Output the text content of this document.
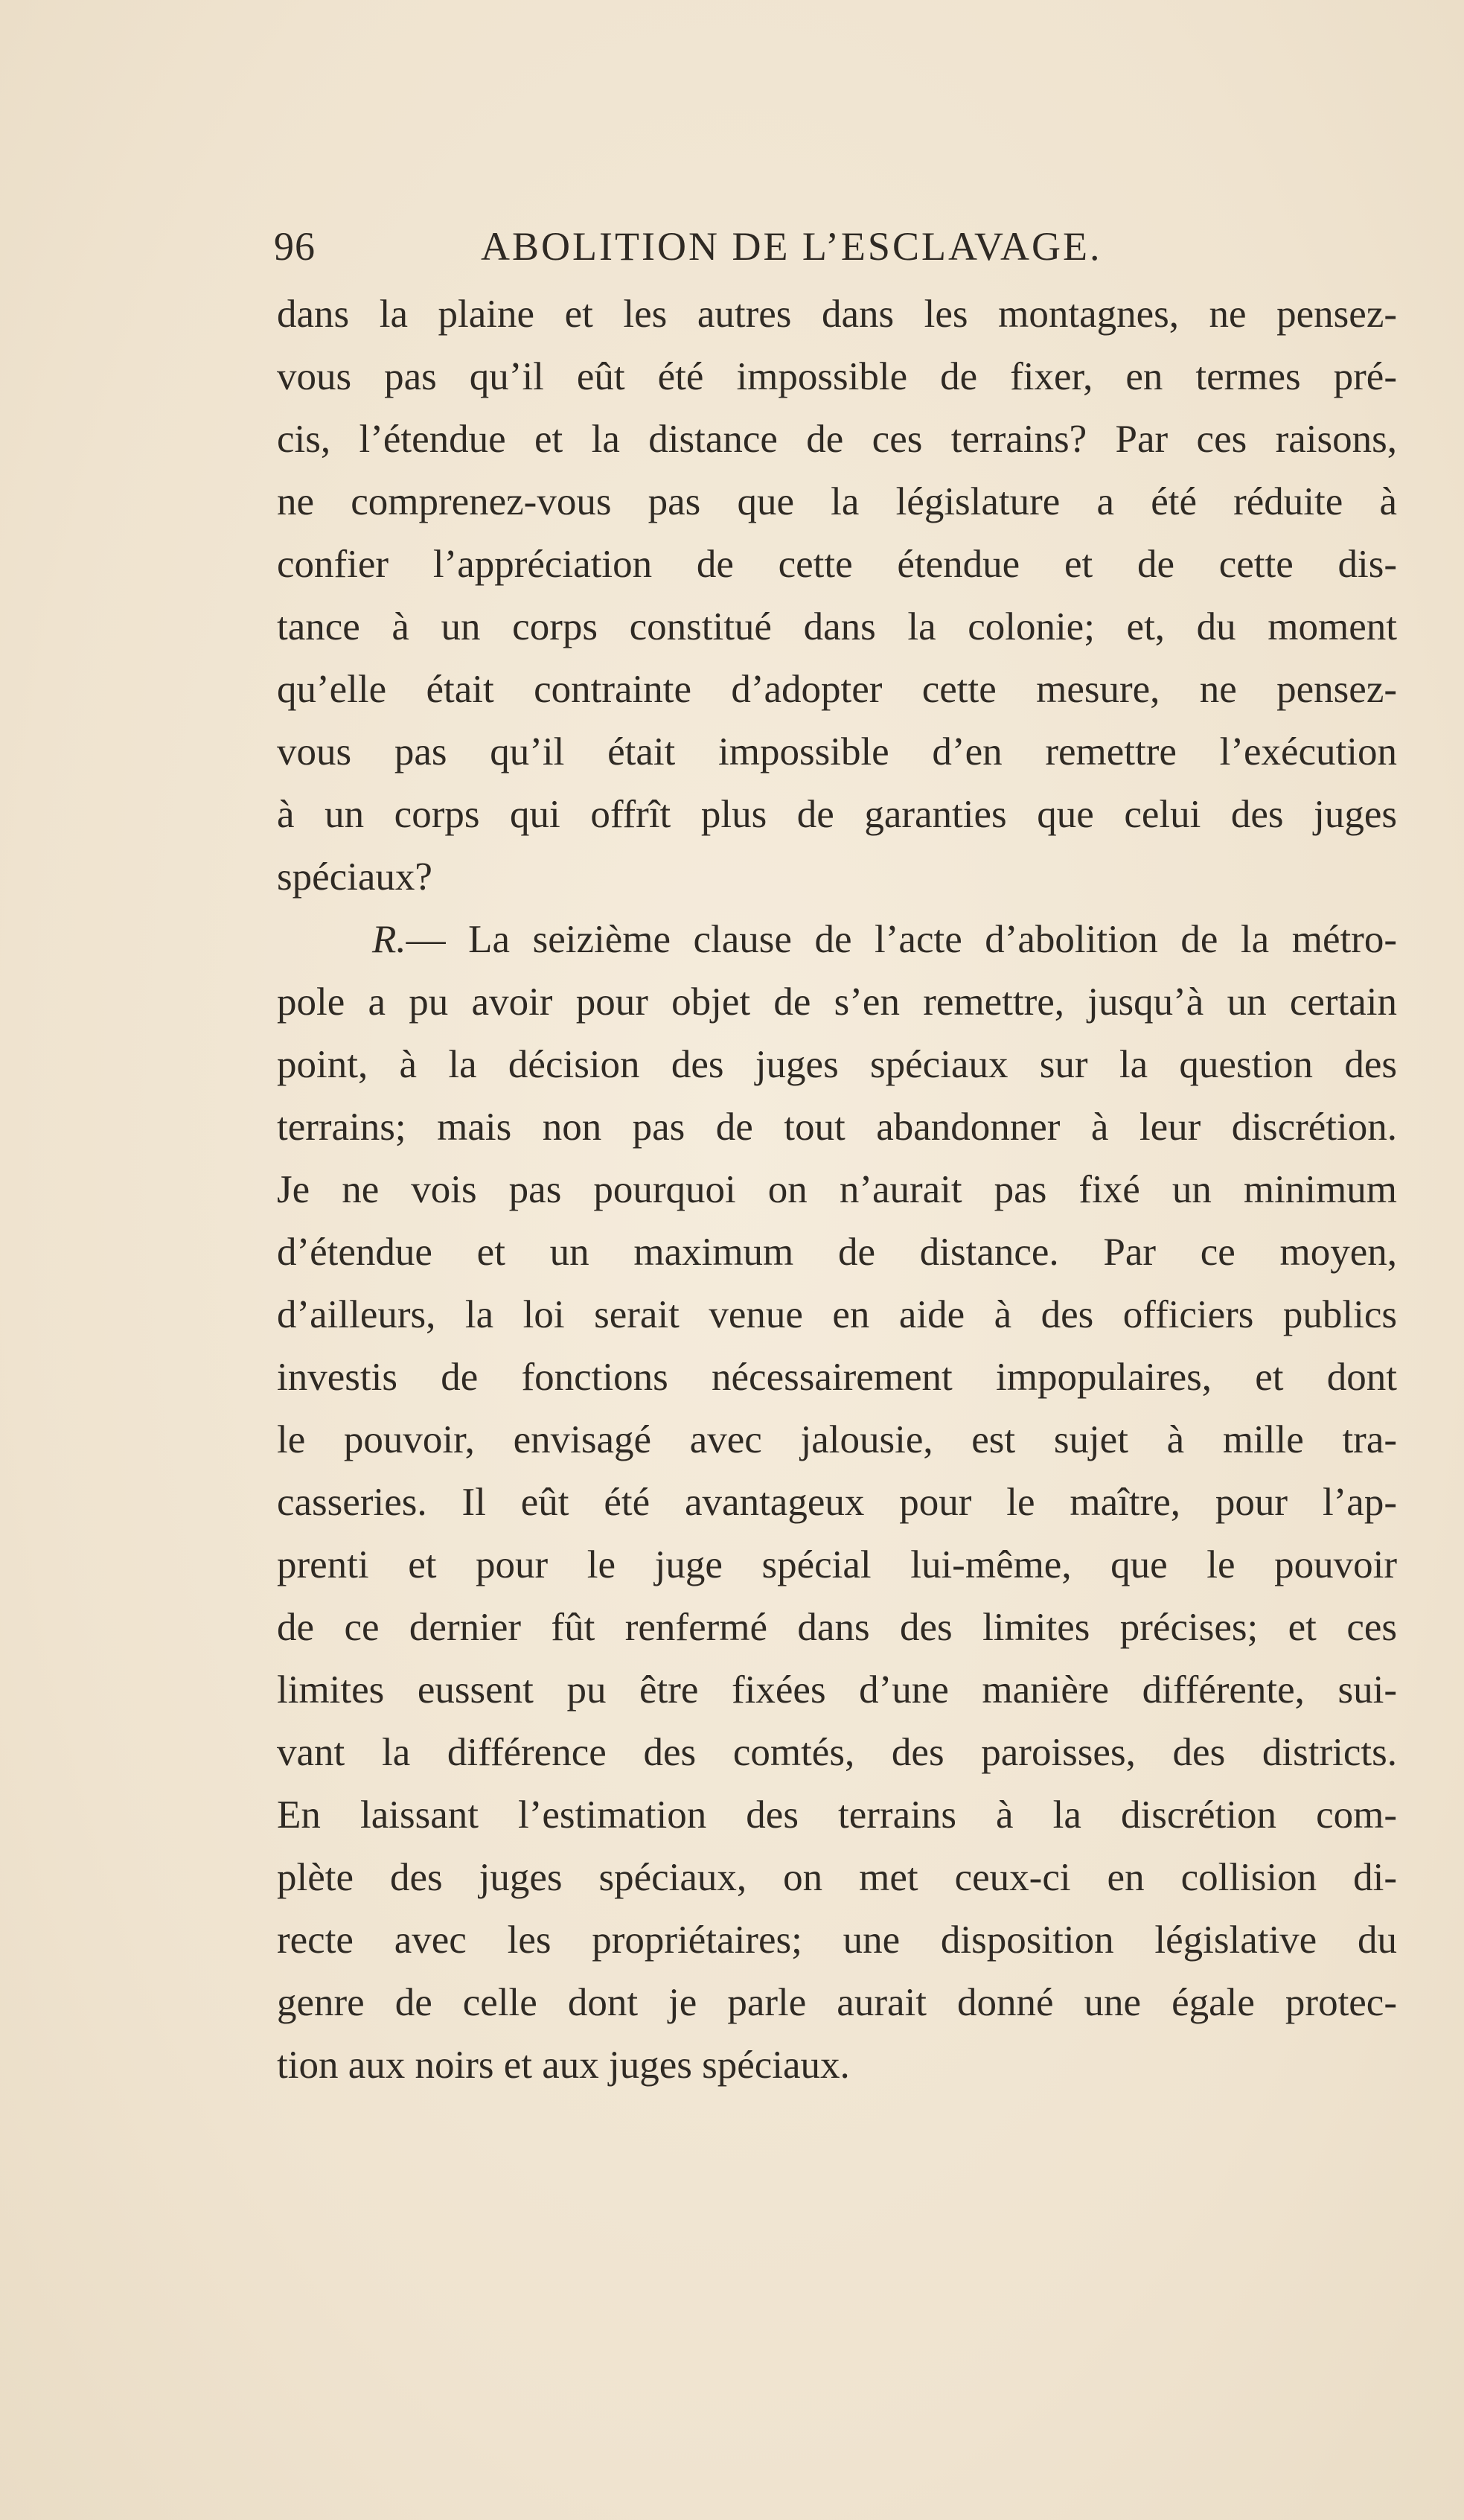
96	ABOLITION DE L’ESCLAVAGE.
dans la plaine et les autres dans les montagnes, ne pensez-
vous pas qu’il eût été impossible de fixer, en termes pré-
cis, l’étendue et la distance de ces terrains? Par ces raisons,
ne comprenez-vous pas que la législature a été réduite à
confier l’appréciation de cette étendue et de cette dis-
tance à un corps constitué dans la colonie; et, du moment
qu’elle était contrainte d’adopter cette mesure, ne pensez-
vous pas qu’il était impossible d’en remettre l’exécution
à un corps qui offrît plus de garanties que celui des juges
spéciaux?
R.— La seizième clause de l’acte d’abolition de la métro-
pole a pu avoir pour objet de s’en remettre, jusqu’à un certain
point, à la décision des juges spéciaux sur la question des
terrains; mais non pas de tout abandonner à leur discrétion.
Je ne vois pas pourquoi on n’aurait pas fixé un minimum
d’étendue et un maximum de distance. Par ce moyen,
d’ailleurs, la loi serait venue en aide à des officiers publics
investis de fonctions nécessairement impopulaires, et dont
le pouvoir, envisagé avec jalousie, est sujet à mille tra-
casseries. Il eût été avantageux pour le maître, pour l’ap-
prenti et pour le juge spécial lui-même, que le pouvoir
de ce dernier fût renfermé dans des limites précises; et ces
limites eussent pu être fixées d’une manière différente, sui-
vant la différence des comtés, des paroisses, des districts.
En laissant l’estimation des terrains à la discrétion com-
plète des juges spéciaux, on met ceux-ci en collision di-
recte avec les propriétaires; une disposition législative du
genre de celle dont je parle aurait donné une égale protec-
tion aux noirs et aux juges spéciaux.
